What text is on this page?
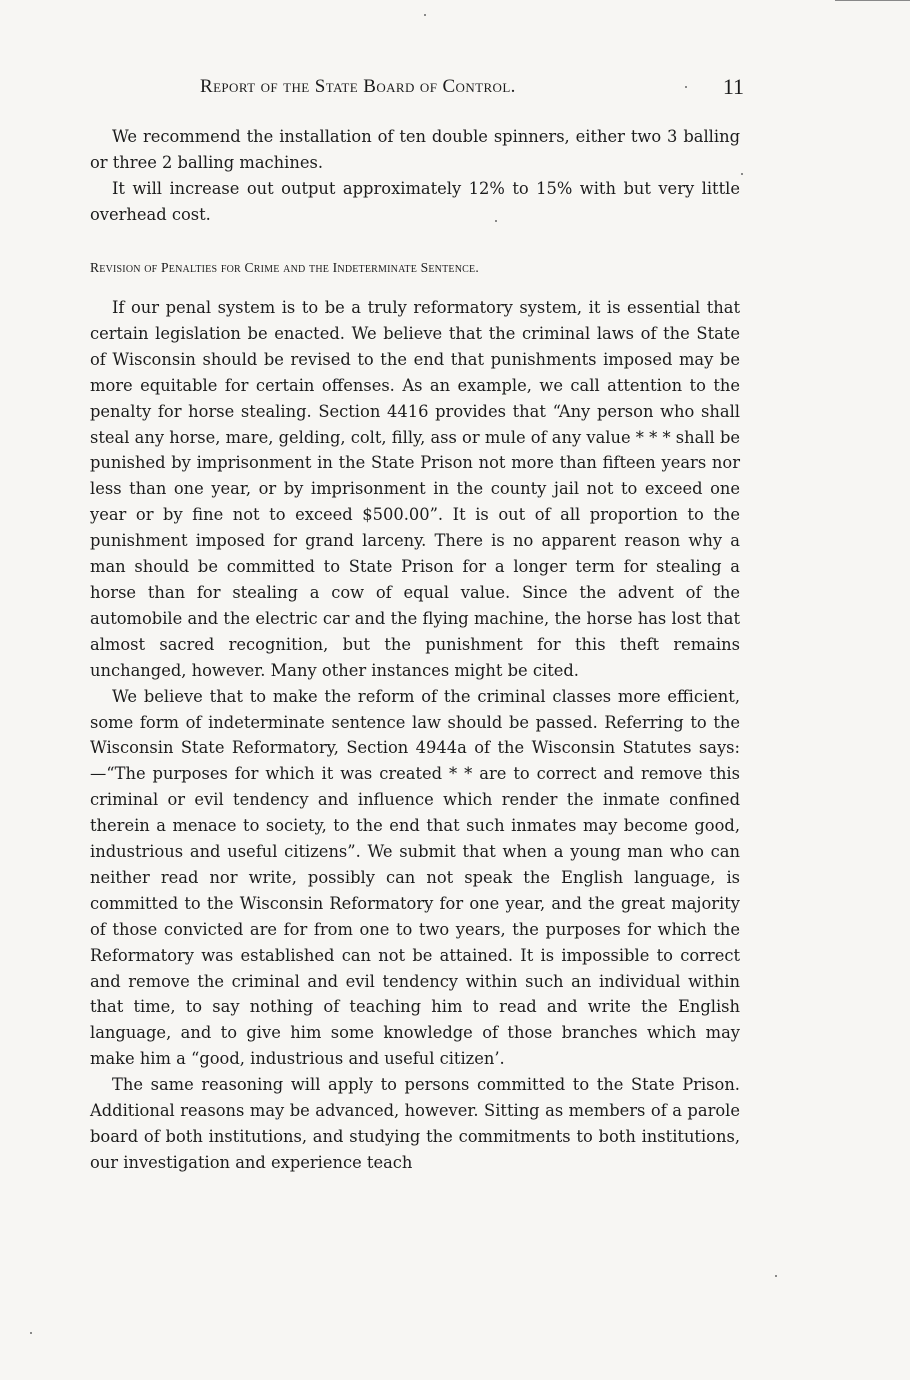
Report of the State Board of Control.	11

We recommend the installation of ten double spinners, either two 3 balling or three 2 balling machines.

It will increase out output approximately 12% to 15% with but very little overhead cost.

Revision of Penalties for Crime and the Indeterminate Sentence.

If our penal system is to be a truly reformatory system, it is essential that certain legislation be enacted. We believe that the criminal laws of the State of Wisconsin should be revised to the end that punishments imposed may be more equitable for certain offenses. As an example, we call attention to the penalty for horse stealing. Section 4416 provides that “Any person who shall steal any horse, mare, gelding, colt, filly, ass or mule of any value * * * shall be punished by imprisonment in the State Prison not more than fifteen years nor less than one year, or by imprisonment in the county jail not to exceed one year or by fine not to exceed $500.00”. It is out of all proportion to the punishment imposed for grand larceny. There is no apparent reason why a man should be committed to State Prison for a longer term for stealing a horse than for stealing a cow of equal value. Since the advent of the automobile and the electric car and the flying machine, the horse has lost that almost sacred recognition, but the punishment for this theft remains unchanged, however. Many other instances might be cited.

We believe that to make the reform of the criminal classes more efficient, some form of indeterminate sentence law should be passed. Referring to the Wisconsin State Reformatory, Section 4944a of the Wisconsin Statutes says:—“The purposes for which it was created * * are to correct and remove this criminal or evil tendency and influence which render the inmate confined therein a menace to society, to the end that such inmates may become good, industrious and useful citizens”. We submit that when a young man who can neither read nor write, possibly can not speak the English language, is committed to the Wisconsin Reformatory for one year, and the great majority of those convicted are for from one to two years, the purposes for which the Reformatory was established can not be attained. It is impossible to correct and remove the criminal and evil tendency within such an individual within that time, to say nothing of teaching him to read and write the English language, and to give him some knowledge of those branches which may make him a “good, industrious and useful citizen’.

The same reasoning will apply to persons committed to the State Prison. Additional reasons may be advanced, however. Sitting as members of a parole board of both institutions, and studying the commitments to both institutions, our investigation and experience teach
